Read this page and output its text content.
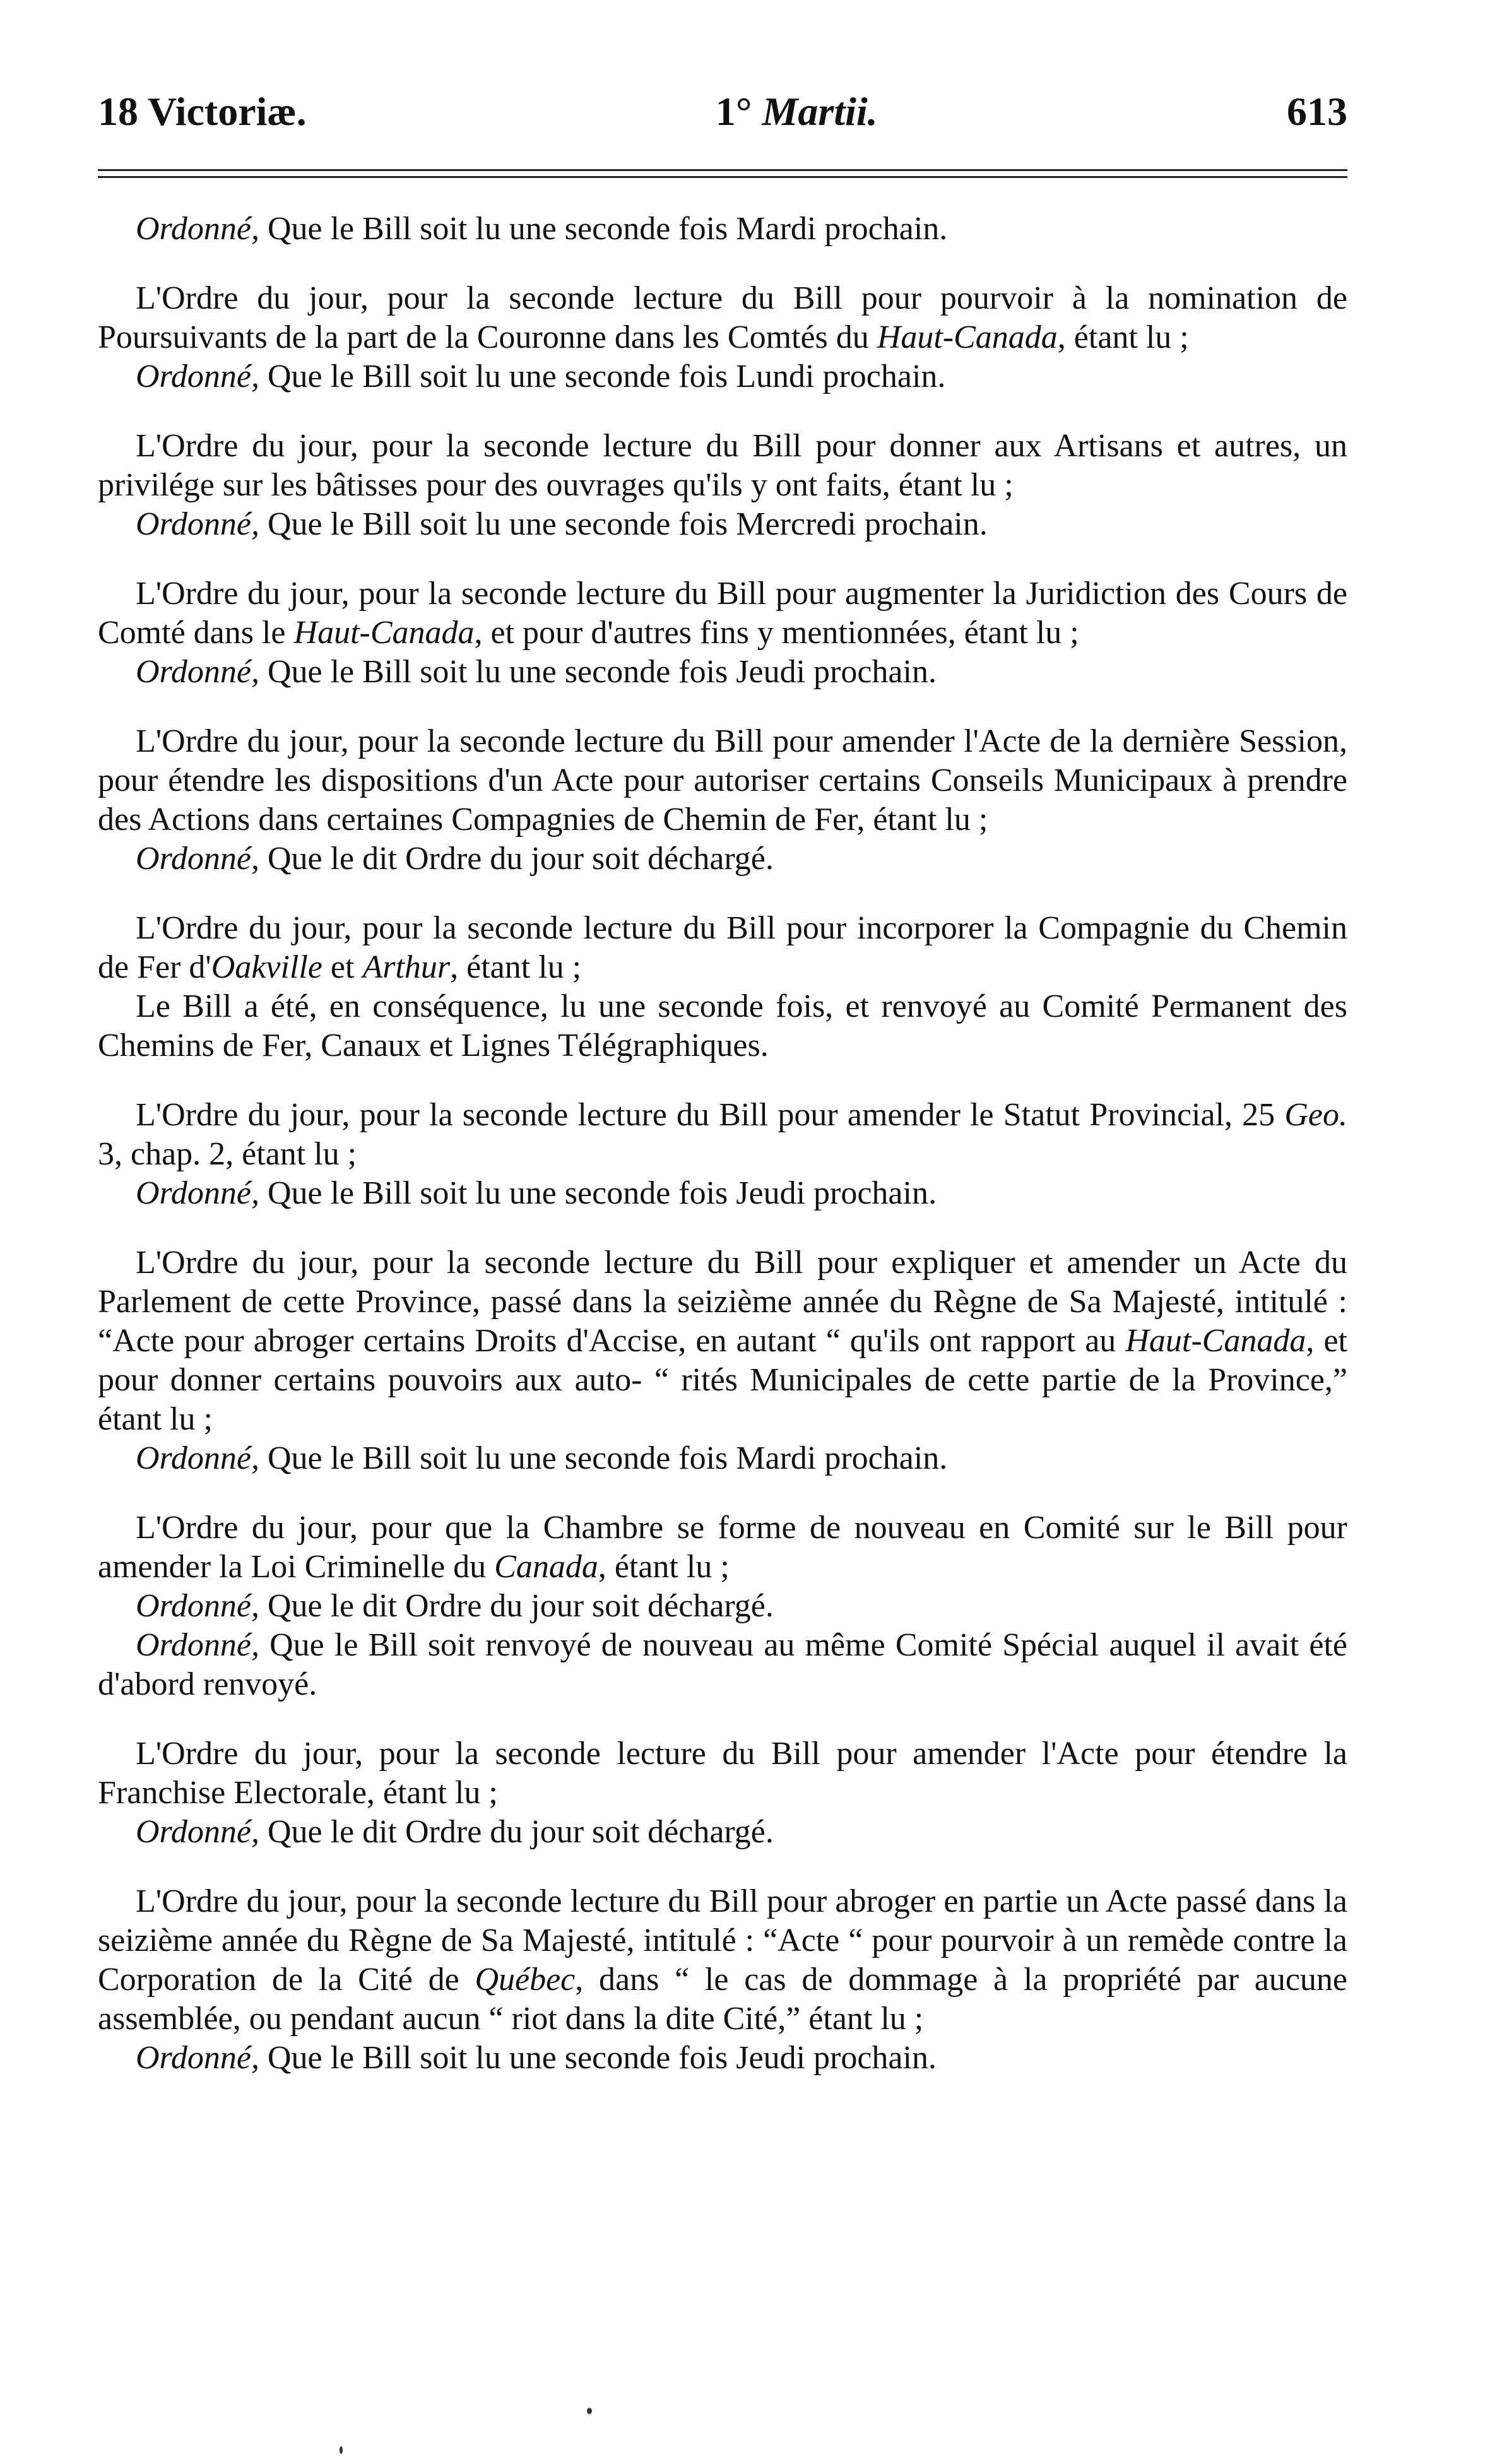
18 Victoriæ.	1° Martii.	613

Ordonné, Que le Bill soit lu une seconde fois Mardi prochain.

L'Ordre du jour, pour la seconde lecture du Bill pour pourvoir à la nomination de Poursuivants de la part de la Couronne dans les Comtés du Haut-Canada, étant lu ;

Ordonné, Que le Bill soit lu une seconde fois Lundi prochain.

L'Ordre du jour, pour la seconde lecture du Bill pour donner aux Artisans et autres, un privilége sur les bâtisses pour des ouvrages qu'ils y ont faits, étant lu ;

Ordonné, Que le Bill soit lu une seconde fois Mercredi prochain.

L'Ordre du jour, pour la seconde lecture du Bill pour augmenter la Juridiction des Cours de Comté dans le Haut-Canada, et pour d'autres fins y mentionnées, étant lu ;

Ordonné, Que le Bill soit lu une seconde fois Jeudi prochain.

L'Ordre du jour, pour la seconde lecture du Bill pour amender l'Acte de la dernière Session, pour étendre les dispositions d'un Acte pour autoriser certains Conseils Municipaux à prendre des Actions dans certaines Compagnies de Chemin de Fer, étant lu ;

Ordonné, Que le dit Ordre du jour soit déchargé.

L'Ordre du jour, pour la seconde lecture du Bill pour incorporer la Compagnie du Chemin de Fer d'Oakville et Arthur, étant lu ;

Le Bill a été, en conséquence, lu une seconde fois, et renvoyé au Comité Permanent des Chemins de Fer, Canaux et Lignes Télégraphiques.

L'Ordre du jour, pour la seconde lecture du Bill pour amender le Statut Provincial, 25 Geo. 3, chap. 2, étant lu ;

Ordonné, Que le Bill soit lu une seconde fois Jeudi prochain.

L'Ordre du jour, pour la seconde lecture du Bill pour expliquer et amender un Acte du Parlement de cette Province, passé dans la seizième année du Règne de Sa Majesté, intitulé : “Acte pour abroger certains Droits d'Accise, en autant “ qu'ils ont rapport au Haut-Canada, et pour donner certains pouvoirs aux auto- “ rités Municipales de cette partie de la Province,” étant lu ;

Ordonné, Que le Bill soit lu une seconde fois Mardi prochain.

L'Ordre du jour, pour que la Chambre se forme de nouveau en Comité sur le Bill pour amender la Loi Criminelle du Canada, étant lu ;

Ordonné, Que le dit Ordre du jour soit déchargé.

Ordonné, Que le Bill soit renvoyé de nouveau au même Comité Spécial auquel il avait été d'abord renvoyé.

L'Ordre du jour, pour la seconde lecture du Bill pour amender l'Acte pour étendre la Franchise Electorale, étant lu ;

Ordonné, Que le dit Ordre du jour soit déchargé.

L'Ordre du jour, pour la seconde lecture du Bill pour abroger en partie un Acte passé dans la seizième année du Règne de Sa Majesté, intitulé : “Acte “ pour pourvoir à un remède contre la Corporation de la Cité de Québec, dans “ le cas de dommage à la propriété par aucune assemblée, ou pendant aucun “ riot dans la dite Cité,” étant lu ;

Ordonné, Que le Bill soit lu une seconde fois Jeudi prochain.
